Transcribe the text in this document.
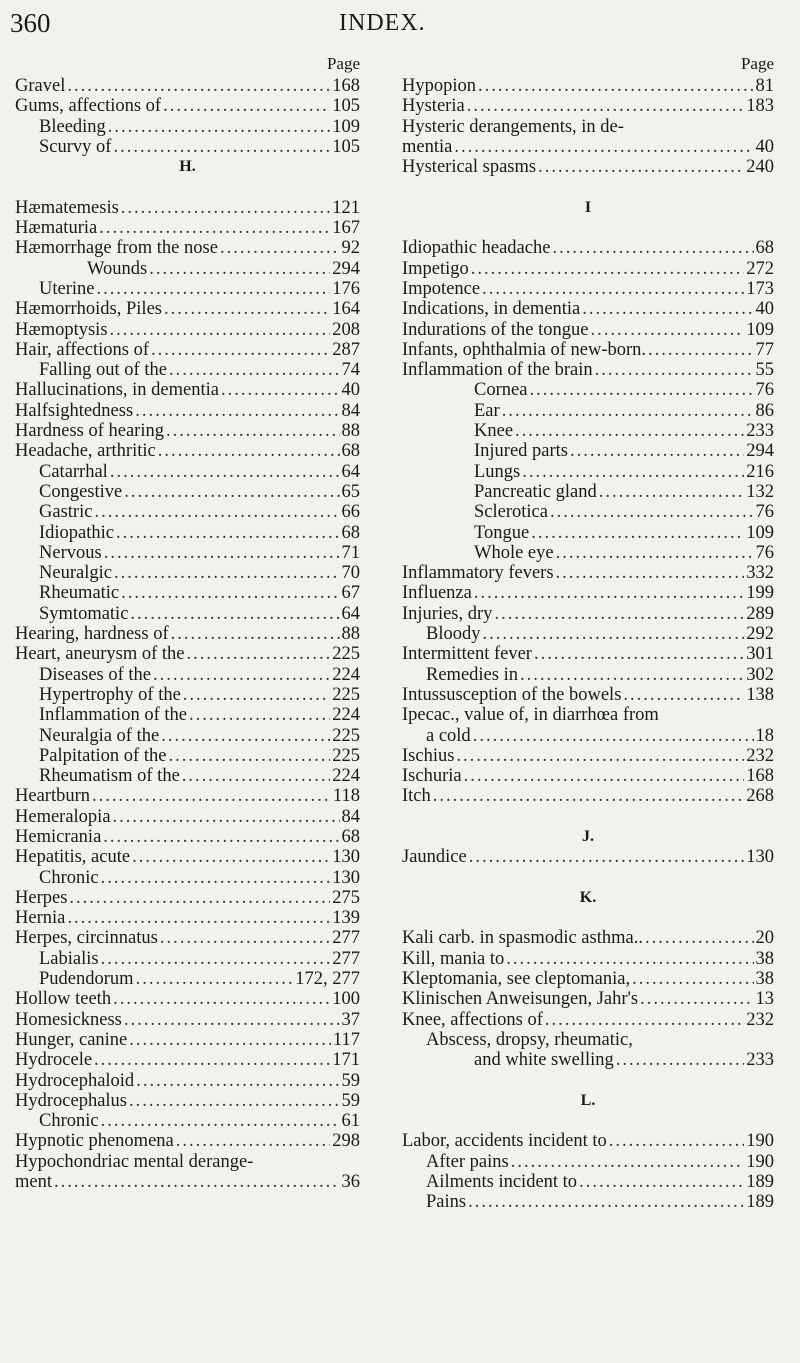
360	INDEX.
Page
Gravel .....	168
Gums, affections of .....	105
Bleeding .....	109
Scurvy of .....	105
H.
Hæmatemesis .....	121
Hæmaturia .....	167
Hæmorrhage from the nose .....	92
Wounds .....	294
Uterine .....	176
Hæmorrhoids, Piles .....	164
Hæmoptysis .....	208
Hair, affections of .....	287
Falling out of the .....	74
Hallucinations, in dementia .....	40
Halfsightedness .....	84
Hardness of hearing .....	88
Headache, arthritic .....	68
Catarrhal .....	64
Congestive .....	65
Gastric .....	66
Idiopathic .....	68
Nervous .....	71
Neuralgic .....	70
Rheumatic .....	67
Symtomatic .....	64
Hearing, hardness of .....	88
Heart, aneurysm of the .....	225
Diseases of the .....	224
Hypertrophy of the .....	225
Inflammation of the .....	224
Neuralgia of the .....	225
Palpitation of the .....	225
Rheumatism of the .....	224
Heartburn .....	118
Hemeralopia .....	84
Hemicrania .....	68
Hepatitis, acute .....	130
Chronic .....	130
Herpes .....	275
Hernia .....	139
Herpes, circinnatus .....	277
Labialis .....	277
Pudendorum .....	172, 277
Hollow teeth .....	100
Homesickness .....	37
Hunger, canine .....	117
Hydrocele .....	171
Hydrocephaloid .....	59
Hydrocephalus .....	59
Chronic .....	61
Hypnotic phenomena .....	298
Hypochondriac mental derange-
ment .....	36
Page
Hypopion .....	81
Hysteria .....	183
Hysteric derangements, in de-
mentia .....	40
Hysterical spasms .....	240
I
Idiopathic headache .....	68
Impetigo .....	272
Impotence .....	173
Indications, in dementia .....	40
Indurations of the tongue .....	109
Infants, ophthalmia of new-born. .....	77
Inflammation of the brain .....	55
Cornea .....	76
Ear .....	86
Knee .....	233
Injured parts .....	294
Lungs .....	216
Pancreatic gland .....	132
Sclerotica .....	76
Tongue .....	109
Whole eye .....	76
Inflammatory fevers .....	332
Influenza .....	199
Injuries, dry .....	289
Bloody .....	292
Intermittent fever .....	301
Remedies in .....	302
Intussusception of the bowels .....	138
Ipecac., value of, in diarrhœa from
a cold .....	18
Ischius .....	232
Ischuria .....	168
Itch .....	268
J.
Jaundice .....	130
K.
Kali carb. in spasmodic asthma.. .....	20
Kill, mania to .....	38
Kleptomania, see cleptomania, .....	38
Klinischen Anweisungen, Jahr's .....	13
Knee, affections of .....	232
Abscess, dropsy, rheumatic,
and white swelling .....	233
L.
Labor, accidents incident to .....	190
After pains .....	190
Ailments incident to .....	189
Pains .....	189
